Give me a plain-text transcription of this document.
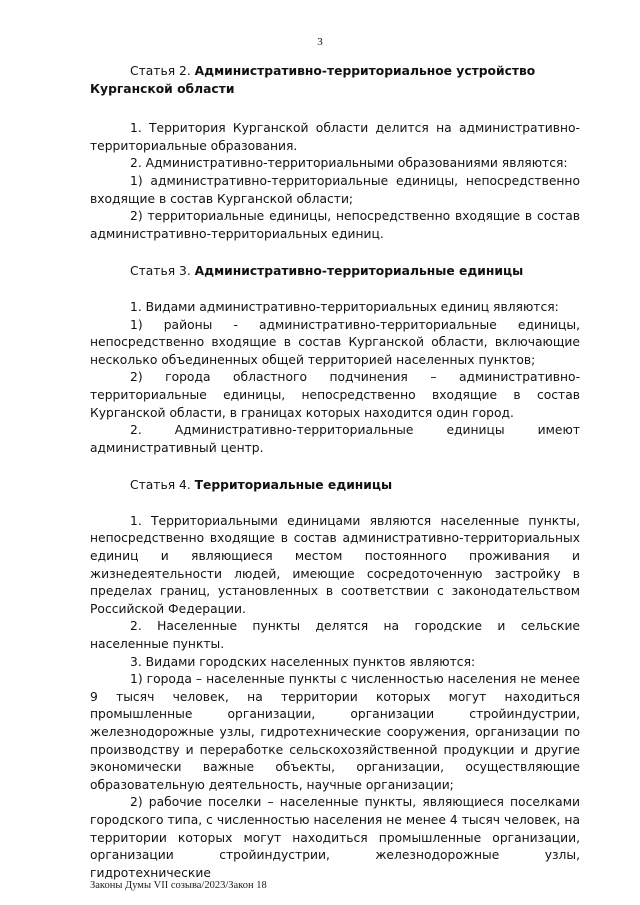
3
Статья 2. Административно-территориальное устройство Курганской области

1. Территория Курганской области делится на административно-территориальные образования.

2. Административно-территориальными образованиями являются:

1) административно-территориальные единицы, непосредственно входящие в состав Курганской области;

2) территориальные единицы, непосредственно входящие в состав административно-территориальных единиц.

Статья 3. Административно-территориальные единицы

1. Видами административно-территориальных единиц являются:

1) районы - административно-территориальные единицы, непосредственно входящие в состав Курганской области, включающие несколько объединенных общей территорией населенных пунктов;

2) города областного подчинения – административно-территориальные единицы, непосредственно входящие в состав Курганской области, в границах которых находится один город.

2. Административно-территориальные единицы имеют административный центр.

Статья 4. Территориальные единицы

1. Территориальными единицами являются населенные пункты, непосредственно входящие в состав административно-территориальных единиц и являющиеся местом постоянного проживания и жизнедеятельности людей, имеющие сосредоточенную застройку в пределах границ, установленных в соответствии с законодательством Российской Федерации.

2. Населенные пункты делятся на городские и сельские населенные пункты.

3. Видами городских населенных пунктов являются:

1) города – населенные пункты с численностью населения не менее 9 тысяч человек, на территории которых могут находиться промышленные организации, организации стройиндустрии, железнодорожные узлы, гидротехнические сооружения, организации по производству и переработке сельскохозяйственной продукции и другие экономически важные объекты, организации, осуществляющие образовательную деятельность, научные организации;

2) рабочие поселки – населенные пункты, являющиеся поселками городского типа, с численностью населения не менее 4 тысяч человек, на территории которых могут находиться промышленные организации, организации стройиндустрии, железнодорожные узлы, гидротехнические

Законы Думы VII созыва/2023/Закон 18
